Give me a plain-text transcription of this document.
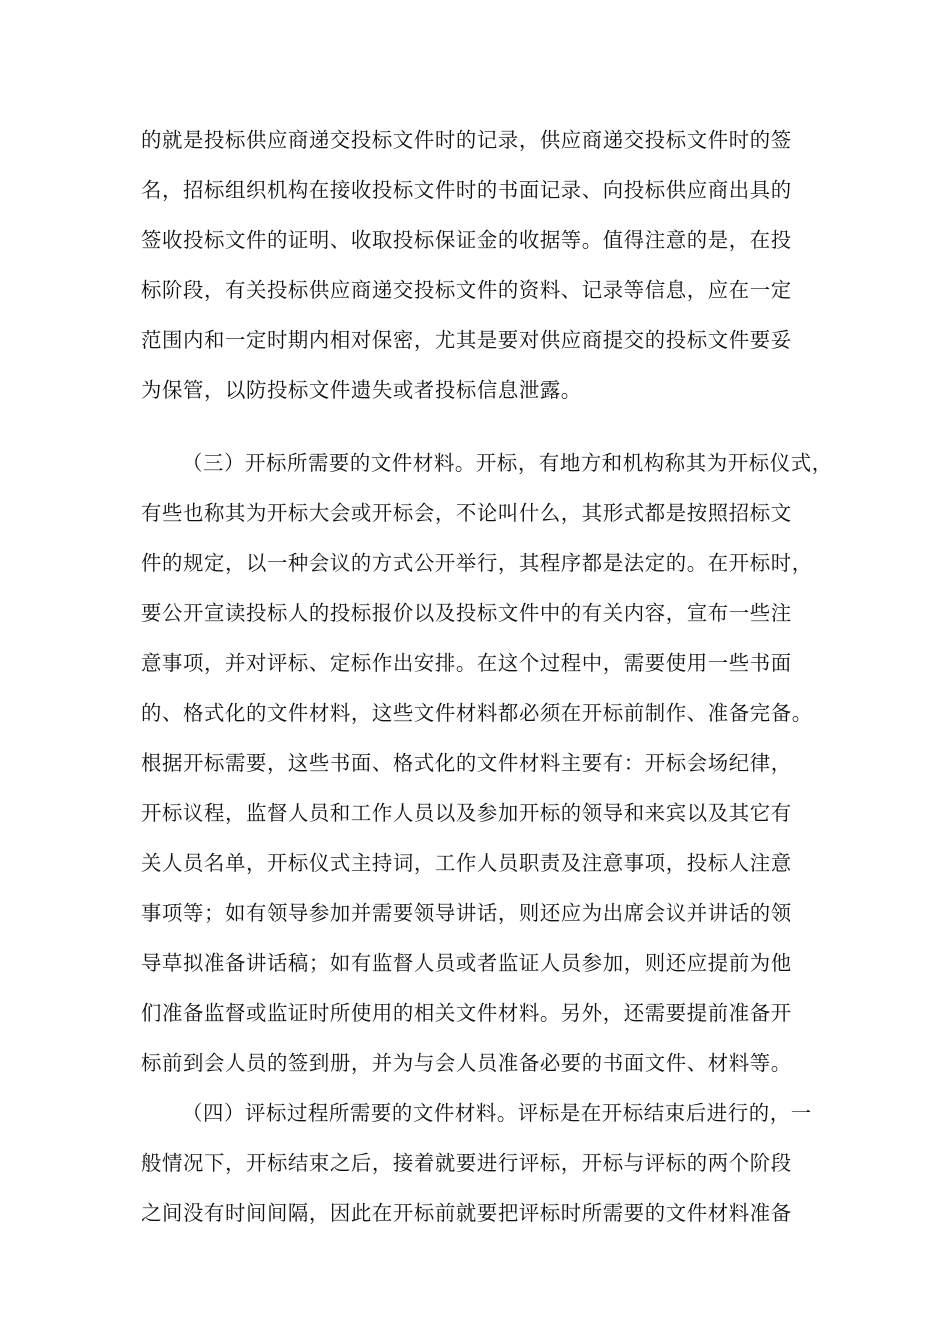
的就是投标供应商递交投标文件时的记录，供应商递交投标文件时的签
名，招标组织机构在接收投标文件时的书面记录、向投标供应商出具的
签收投标文件的证明、收取投标保证金的收据等。值得注意的是，在投
标阶段，有关投标供应商递交投标文件的资料、记录等信息，应在一定
范围内和一定时期内相对保密，尤其是要对供应商提交的投标文件要妥
为保管，以防投标文件遗失或者投标信息泄露。
（三）开标所需要的文件材料。开标，有地方和机构称其为开标仪式，
有些也称其为开标大会或开标会，不论叫什么，其形式都是按照招标文
件的规定，以一种会议的方式公开举行，其程序都是法定的。在开标时，
要公开宣读投标人的投标报价以及投标文件中的有关内容，宣布一些注
意事项，并对评标、定标作出安排。在这个过程中，需要使用一些书面
的、格式化的文件材料，这些文件材料都必须在开标前制作、准备完备。
根据开标需要，这些书面、格式化的文件材料主要有：开标会场纪律，
开标议程，监督人员和工作人员以及参加开标的领导和来宾以及其它有
关人员名单，开标仪式主持词，工作人员职责及注意事项，投标人注意
事项等；如有领导参加并需要领导讲话，则还应为出席会议并讲话的领
导草拟准备讲话稿；如有监督人员或者监证人员参加，则还应提前为他
们准备监督或监证时所使用的相关文件材料。另外，还需要提前准备开
标前到会人员的签到册，并为与会人员准备必要的书面文件、材料等。
（四）评标过程所需要的文件材料。评标是在开标结束后进行的，一
般情况下，开标结束之后，接着就要进行评标，开标与评标的两个阶段
之间没有时间间隔，因此在开标前就要把评标时所需要的文件材料准备
